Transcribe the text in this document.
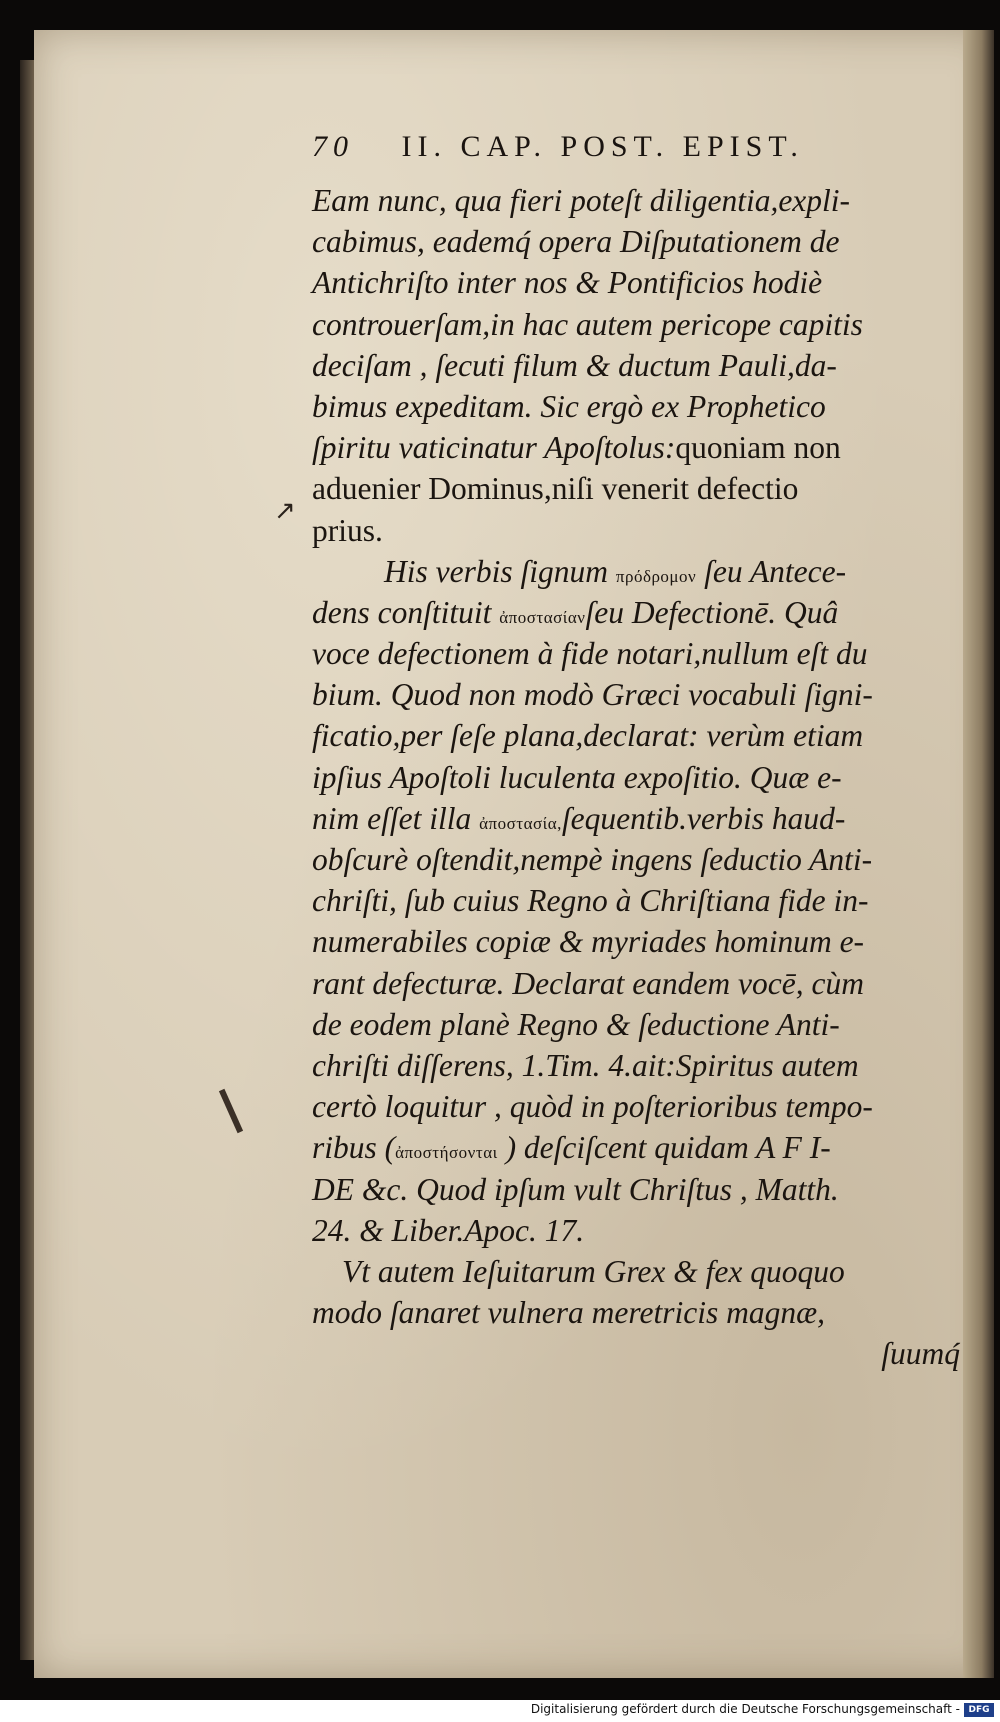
70 II. CAP. POST. EPIST.
↗
Eam nunc, qua fieri poteſt diligentia,expli-
cabimus, eademq́ opera Diſputationem de
Antichriſto inter nos & Pontificios hodiè
controuerſam,in hac autem pericope capitis
deciſam , ſecuti filum & ductum Pauli,da-
bimus expeditam. Sic ergò ex Prophetico
ſpiritu vaticinatur Apoſtolus:quoniam non
aduenier Dominus,niſi venerit defectio
prius.
His verbis ſignum πρόδρομον ſeu Antece-
dens conſtituit ἀποστασίανſeu Defectionē. Quâ
voce defectionem à fide notari,nullum eſt du
bium. Quod non modò Græci vocabuli ſigni-
ficatio,per ſeſe plana,declarat: verùm etiam
ipſius Apoſtoli luculenta expoſitio. Quæ e-
nim eſſet illa ἀποστασία,ſequentib.verbis haud-
obſcurè oſtendit,nempè ingens ſeductio Anti-
chriſti, ſub cuius Regno à Chriſtiana fide in-
numerabiles copiæ & myriades hominum e-
rant defecturæ. Declarat eandem vocē, cùm
de eodem planè Regno & ſeductione Anti-
chriſti diſſerens, 1.Tim. 4.ait:Spiritus autem
certò loquitur , quòd in poſterioribus tempo-
ribus (ἀποστήσονται ) deſciſcent quidam A F I-
DE &c. Quod ipſum vult Chriſtus , Matth.
24. & Liber.Apoc. 17.
Vt autem Ieſuitarum Grex & fex quoquo
modo ſanaret vulnera meretricis magnæ,
ſuumq́
Digitalisierung gefördert durch die Deutsche Forschungsgemeinschaft - DFG
